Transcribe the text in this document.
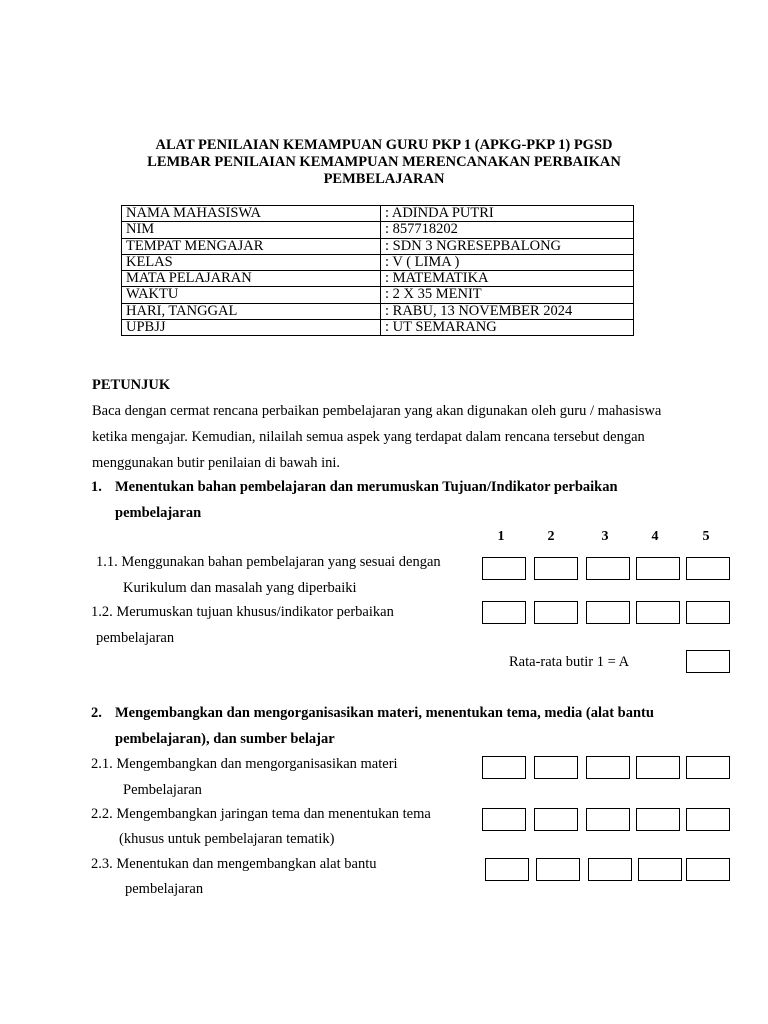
ALAT PENILAIAN KEMAMPUAN GURU PKP 1 (APKG-PKP 1) PGSD
LEMBAR PENILAIAN KEMAMPUAN MERENCANAKAN PERBAIKAN
PEMBELAJARAN
NAMA MAHASISWA	: ADINDA PUTRI
NIM	: 857718202
TEMPAT MENGAJAR	: SDN 3 NGRESEPBALONG
KELAS	: V ( LIMA )
MATA PELAJARAN	: MATEMATIKA
WAKTU	: 2 X 35 MENIT
HARI, TANGGAL	: RABU, 13 NOVEMBER 2024
UPBJJ	: UT SEMARANG
PETUNJUK
Baca dengan cermat rencana perbaikan pembelajaran yang akan digunakan oleh guru / mahasiswa
ketika mengajar. Kemudian, nilailah semua aspek yang terdapat dalam rencana tersebut dengan
menggunakan butir penilaian di bawah ini.
1. Menentukan bahan pembelajaran dan merumuskan Tujuan/Indikator perbaikan
pembelajaran
1	2	3	4	5
1.1. Menggunakan bahan pembelajaran yang sesuai dengan
Kurikulum dan masalah yang diperbaiki
1.2. Merumuskan tujuan khusus/indikator perbaikan
pembelajaran
Rata-rata butir 1 = A
2. Mengembangkan dan mengorganisasikan materi, menentukan tema, media (alat bantu
pembelajaran), dan sumber belajar
2.1. Mengembangkan dan mengorganisasikan materi
Pembelajaran
2.2. Mengembangkan jaringan tema dan menentukan tema
(khusus untuk pembelajaran tematik)
2.3. Menentukan dan mengembangkan alat bantu
pembelajaran
